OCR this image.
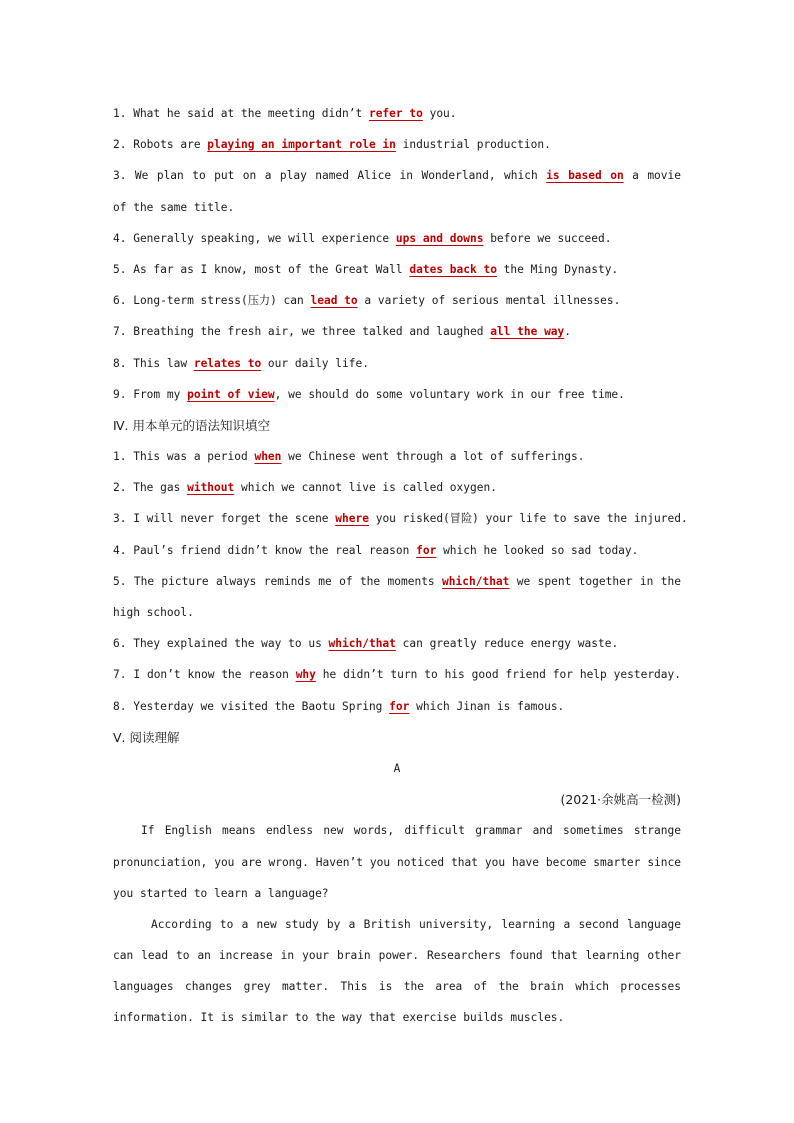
1. What he said at the meeting didn’t refer to you.
2. Robots are playing an important role in industrial production.
3. We plan to put on a play named Alice in Wonderland, which is based on a movie
of the same title.
4. Generally speaking, we will experience ups and downs before we succeed.
5. As far as I know, most of the Great Wall dates back to the Ming Dynasty.
6. Long-term stress(压力) can lead to a variety of serious mental illnesses.
7. Breathing the fresh air, we three talked and laughed all the way.
8. This law relates to our daily life.
9. From my point of view, we should do some voluntary work in our free time.
Ⅳ. 用本单元的语法知识填空
1. This was a period when we Chinese went through a lot of sufferings.
2. The gas without which we cannot live is called oxygen.
3. I will never forget the scene where you risked(冒险) your life to save the injured.
4. Paul’s friend didn’t know the real reason for which he looked so sad today.
5. The picture always reminds me of the moments which/that we spent together in the
high school.
6. They explained the way to us which/that can greatly reduce energy waste.
7. I don’t know the reason why he didn’t turn to his good friend for help yesterday.
8. Yesterday we visited the Baotu Spring for which Jinan is famous.
Ⅴ. 阅读理解
A
(2021·余姚高一检测)
If English means endless new words, difficult grammar and sometimes strange
pronunciation, you are wrong. Haven’t you noticed that you have become smarter since
you started to learn a language?
According to a new study by a British university, learning a second language
can lead to an increase in your brain power. Researchers found that learning other
languages changes grey matter. This is the area of the brain which processes
information. It is similar to the way that exercise builds muscles.
